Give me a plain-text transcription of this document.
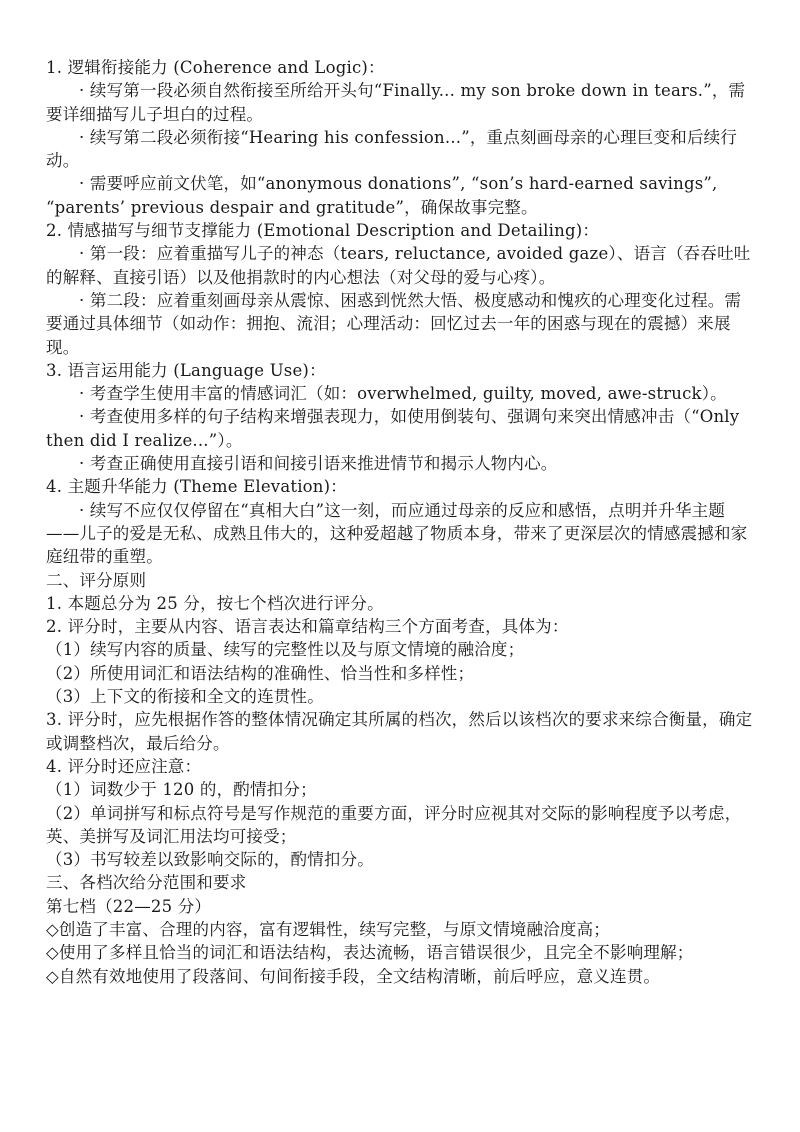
1. 逻辑衔接能力 (Coherence and Logic)：
· 续写第一段必须自然衔接至所给开头句“Finally... my son broke down in tears.”，需要详细描写儿子坦白的过程。
· 续写第二段必须衔接“Hearing his confession...”，重点刻画母亲的心理巨变和后续行动。
· 需要呼应前文伏笔，如“anonymous donations”, “son’s hard-earned savings”, “parents’ previous despair and gratitude”，确保故事完整。
2. 情感描写与细节支撑能力 (Emotional Description and Detailing)：
· 第一段：应着重描写儿子的神态（tears, reluctance, avoided gaze）、语言（吞吞吐吐的解释、直接引语）以及他捐款时的内心想法（对父母的爱与心疼）。
· 第二段：应着重刻画母亲从震惊、困惑到恍然大悟、极度感动和愧疚的心理变化过程。需要通过具体细节（如动作：拥抱、流泪；心理活动：回忆过去一年的困惑与现在的震撼）来展现。
3. 语言运用能力 (Language Use)：
· 考查学生使用丰富的情感词汇（如：overwhelmed, guilty, moved, awe-struck）。
· 考查使用多样的句子结构来增强表现力，如使用倒装句、强调句来突出情感冲击（“Only then did I realize...”）。
· 考查正确使用直接引语和间接引语来推进情节和揭示人物内心。
4. 主题升华能力 (Theme Elevation)：
· 续写不应仅仅停留在“真相大白”这一刻，而应通过母亲的反应和感悟，点明并升华主题——儿子的爱是无私、成熟且伟大的，这种爱超越了物质本身，带来了更深层次的情感震撼和家庭纽带的重塑。
二、评分原则
1. 本题总分为 25 分，按七个档次进行评分。
2. 评分时，主要从内容、语言表达和篇章结构三个方面考查，具体为：
（1）续写内容的质量、续写的完整性以及与原文情境的融洽度；
（2）所使用词汇和语法结构的准确性、恰当性和多样性；
（3）上下文的衔接和全文的连贯性。
3. 评分时，应先根据作答的整体情况确定其所属的档次，然后以该档次的要求来综合衡量，确定或调整档次，最后给分。
4. 评分时还应注意：
（1）词数少于 120 的，酌情扣分；
（2）单词拼写和标点符号是写作规范的重要方面，评分时应视其对交际的影响程度予以考虑，英、美拼写及词汇用法均可接受；
（3）书写较差以致影响交际的，酌情扣分。
三、各档次给分范围和要求
第七档（22—25 分）
◇创造了丰富、合理的内容，富有逻辑性，续写完整，与原文情境融洽度高；
◇使用了多样且恰当的词汇和语法结构，表达流畅，语言错误很少，且完全不影响理解；
◇自然有效地使用了段落间、句间衔接手段，全文结构清晰，前后呼应，意义连贯。
